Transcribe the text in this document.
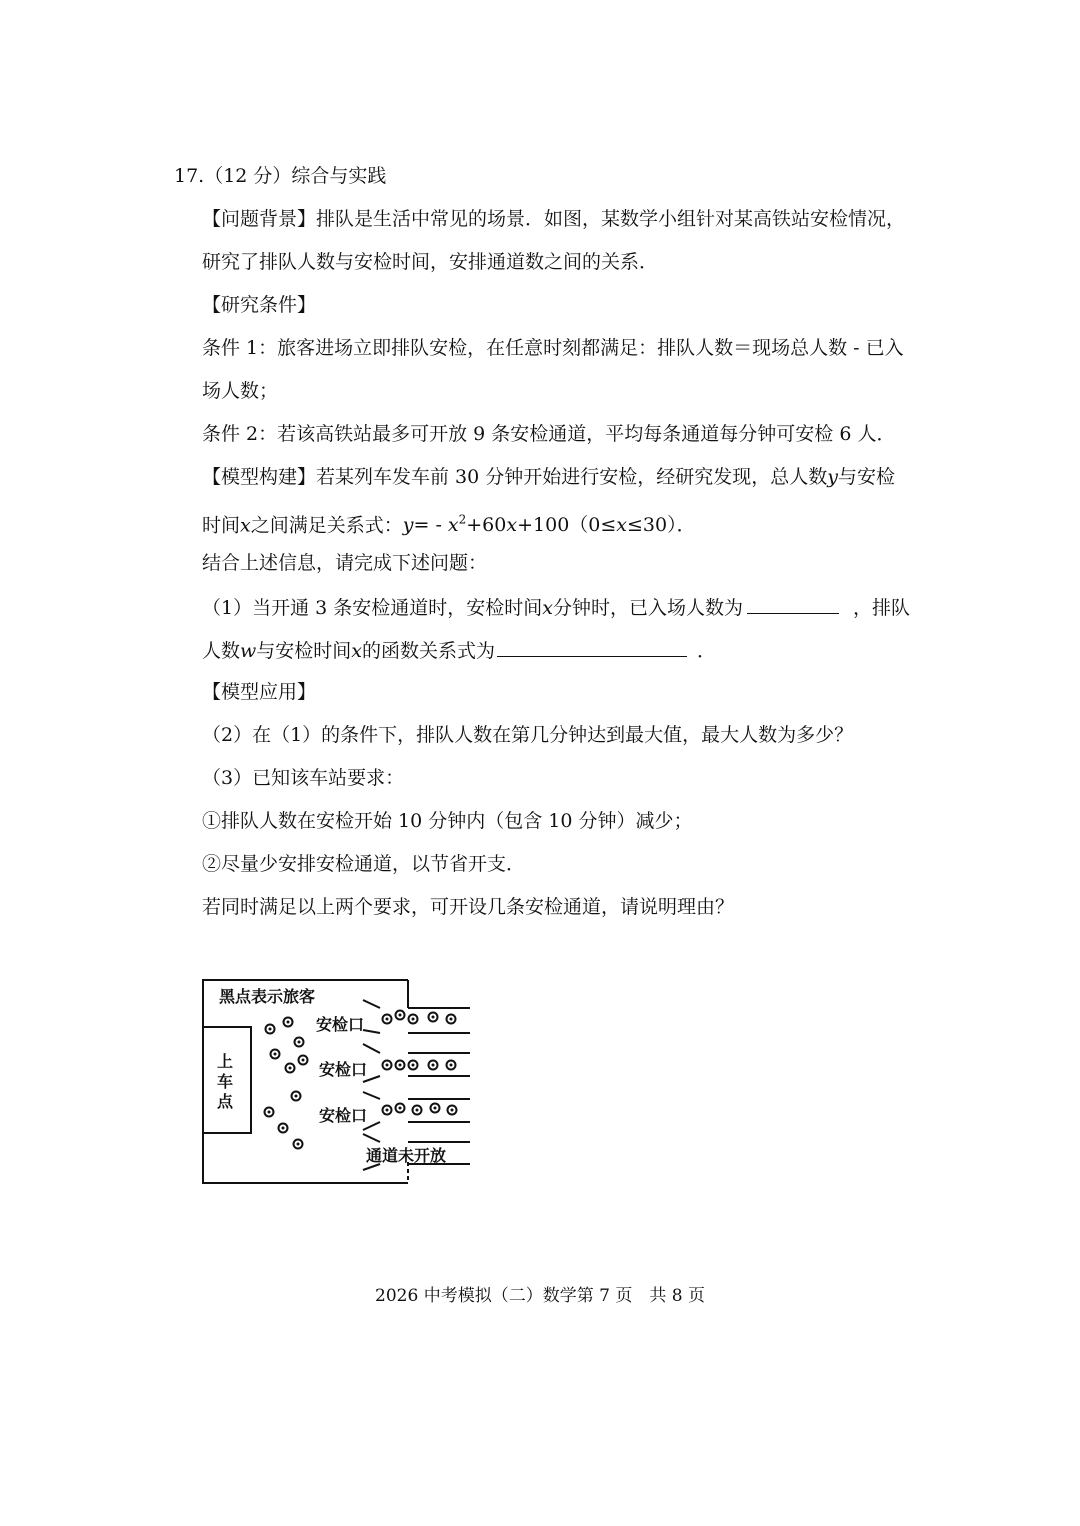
17.（12 分）综合与实践
【问题背景】排队是生活中常见的场景．如图，某数学小组针对某高铁站安检情况，
研究了排队人数与安检时间，安排通道数之间的关系．
【研究条件】
条件 1：旅客进场立即排队安检，在任意时刻都满足：排队人数＝现场总人数 - 已入
场人数；
条件 2：若该高铁站最多可开放 9 条安检通道，平均每条通道每分钟可安检 6 人．
【模型构建】若某列车发车前 30 分钟开始进行安检，经研究发现，总人数y与安检
时间x之间满足关系式：$y= - x^2+60x+100(0\le x\le 30)$．
结合上述信息，请完成下述问题：
（1）当开通 3 条安检通道时，安检时间x分钟时，已入场人数为	，排队
人数w与安检时间x的函数关系式为	．
【模型应用】
（2）在（1）的条件下，排队人数在第几分钟达到最大值，最大人数为多少？
（3）已知该车站要求：
①排队人数在安检开始 10 分钟内（包含 10 分钟）减少；
②尽量少安排安检通道，以节省开支．
若同时满足以上两个要求，可开设几条安检通道，请说明理由？
黑点表示旅客
上
车
点
安检口
安检口
安检口
通道未开放
2026 中考模拟（二）数学第 7 页　共 8 页
